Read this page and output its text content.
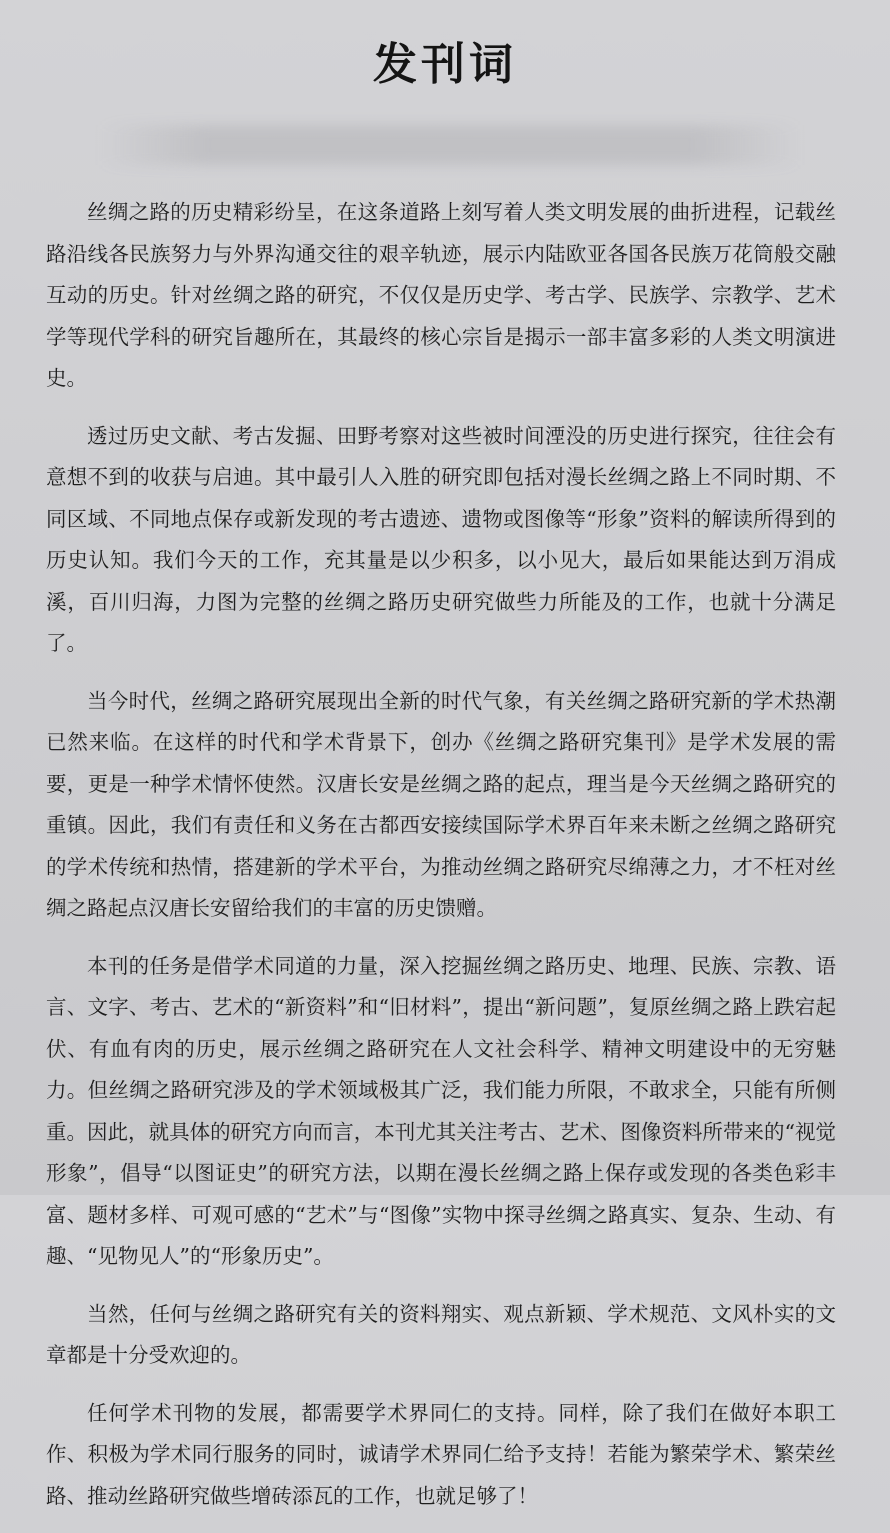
发刊词

丝绸之路的历史精彩纷呈，在这条道路上刻写着人类文明发展的曲折进程，记载丝路沿线各民族努力与外界沟通交往的艰辛轨迹，展示内陆欧亚各国各民族万花筒般交融互动的历史。针对丝绸之路的研究，不仅仅是历史学、考古学、民族学、宗教学、艺术学等现代学科的研究旨趣所在，其最终的核心宗旨是揭示一部丰富多彩的人类文明演进史。

透过历史文献、考古发掘、田野考察对这些被时间湮没的历史进行探究，往往会有意想不到的收获与启迪。其中最引人入胜的研究即包括对漫长丝绸之路上不同时期、不同区域、不同地点保存或新发现的考古遗迹、遗物或图像等“形象”资料的解读所得到的历史认知。我们今天的工作，充其量是以少积多，以小见大，最后如果能达到万涓成溪，百川归海，力图为完整的丝绸之路历史研究做些力所能及的工作，也就十分满足了。

当今时代，丝绸之路研究展现出全新的时代气象，有关丝绸之路研究新的学术热潮已然来临。在这样的时代和学术背景下，创办《丝绸之路研究集刊》是学术发展的需要，更是一种学术情怀使然。汉唐长安是丝绸之路的起点，理当是今天丝绸之路研究的重镇。因此，我们有责任和义务在古都西安接续国际学术界百年来未断之丝绸之路研究的学术传统和热情，搭建新的学术平台，为推动丝绸之路研究尽绵薄之力，才不枉对丝绸之路起点汉唐长安留给我们的丰富的历史馈赠。

本刊的任务是借学术同道的力量，深入挖掘丝绸之路历史、地理、民族、宗教、语言、文字、考古、艺术的“新资料”和“旧材料”，提出“新问题”，复原丝绸之路上跌宕起伏、有血有肉的历史，展示丝绸之路研究在人文社会科学、精神文明建设中的无穷魅力。但丝绸之路研究涉及的学术领域极其广泛，我们能力所限，不敢求全，只能有所侧重。因此，就具体的研究方向而言，本刊尤其关注考古、艺术、图像资料所带来的“视觉形象”，倡导“以图证史”的研究方法，以期在漫长丝绸之路上保存或发现的各类色彩丰富、题材多样、可观可感的“艺术”与“图像”实物中探寻丝绸之路真实、复杂、生动、有趣、“见物见人”的“形象历史”。

当然，任何与丝绸之路研究有关的资料翔实、观点新颖、学术规范、文风朴实的文章都是十分受欢迎的。

任何学术刊物的发展，都需要学术界同仁的支持。同样，除了我们在做好本职工作、积极为学术同行服务的同时，诚请学术界同仁给予支持！若能为繁荣学术、繁荣丝路、推动丝路研究做些增砖添瓦的工作，也就足够了！
